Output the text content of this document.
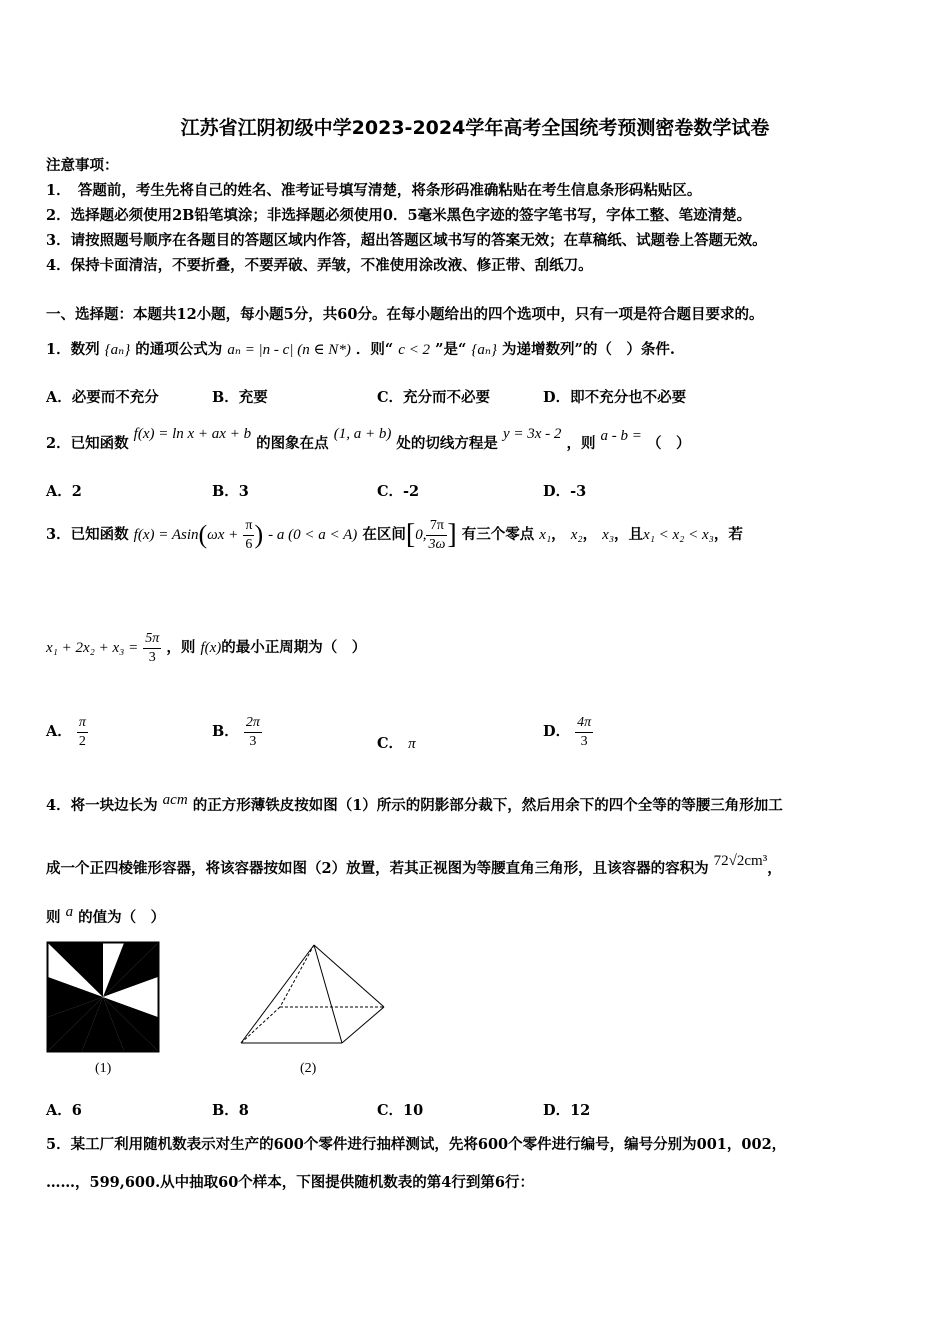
江苏省江阴初级中学2023-2024学年高考全国统考预测密卷数学试卷
注意事项：
1．　答题前，考生先将自己的姓名、准考证号填写清楚，将条形码准确粘贴在考生信息条形码粘贴区。
2．选择题必须使用2B铅笔填涂；非选择题必须使用0．5毫米黑色字迹的签字笔书写，字体工整、笔迹清楚。
3．请按照题号顺序在各题目的答题区域内作答，超出答题区域书写的答案无效；在草稿纸、试题卷上答题无效。
4．保持卡面清洁，不要折叠，不要弄破、弄皱，不准使用涂改液、修正带、刮纸刀。
一、选择题：本题共12小题，每小题5分，共60分。在每小题给出的四个选项中，只有一项是符合题目要求的。
1．数列 {aₙ} 的通项公式为 aₙ = |n - c| (n ∈ N*) ．则“ c < 2 ”是“ {aₙ} 为递增数列”的（　）条件.
A．必要而不充分	B．充要	C．充分而不必要	D．即不充分也不必要
2．已知函数 f(x) = ln x + ax + b 的图象在点 (1, a + b) 处的切线方程是 y = 3x - 2 ，则 a - b = （　）
A．2	B．3	C．-2	D．-3
3．已知函数 $f(x) = Asin(\omega x + \frac{\pi}{6}$ ) - a (0 < a < A) 在区间[0, $\frac{7\pi}{3\omega}$ ] 有三个零点 x₁， x₂， x₃，且x₁ < x₂ < x₃，若
$x_1 + 2x_2 + x_3 = \frac{5\pi}{3}$ ，则 f(x)的最小正周期为（　）
A． $\frac{\pi}{2}$	B． $\frac{2\pi}{3}$	C． π
D． $\frac{4\pi}{3}$
4．将一块边长为 acm 的正方形薄铁皮按如图（1）所示的阴影部分裁下，然后用余下的四个全等的等腰三角形加工
成一个正四棱锥形容器，将该容器按如图（2）放置，若其正视图为等腰直角三角形，且该容器的容积为 72√2cm³，
则 a 的值为（　）
(1)	(2)
A．6	B．8	C．10	D．12
5．某工厂利用随机数表示对生产的600个零件进行抽样测试，先将600个零件进行编号，编号分别为001，002，
……，599,600.从中抽取60个样本，下图提供随机数表的第4行到第6行：
